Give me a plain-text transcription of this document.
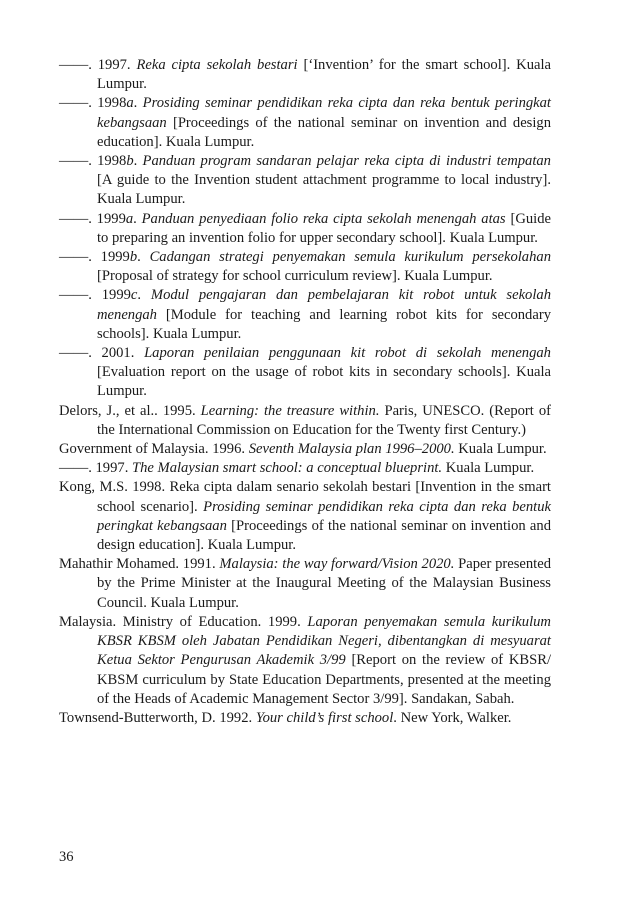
——. 1997. Reka cipta sekolah bestari [‘Invention’ for the smart school]. Kuala Lumpur.

——. 1998a. Prosiding seminar pendidikan reka cipta dan reka bentuk peringkat kebangsaan [Proceedings of the national seminar on invention and design education]. Kuala Lumpur.

——. 1998b. Panduan program sandaran pelajar reka cipta di industri tempatan [A guide to the Invention student attachment programme to local industry]. Kuala Lumpur.

——. 1999a. Panduan penyediaan folio reka cipta sekolah menengah atas [Guide to preparing an invention folio for upper secondary school]. Kuala Lumpur.

——. 1999b. Cadangan strategi penyemakan semula kurikulum persekolahan [Proposal of strategy for school curriculum review]. Kuala Lumpur.

——. 1999c. Modul pengajaran dan pembelajaran kit robot untuk sekolah menengah [Module for teaching and learning robot kits for secondary schools]. Kuala Lumpur.

——. 2001. Laporan penilaian penggunaan kit robot di sekolah menengah [Evaluation report on the usage of robot kits in secondary schools]. Kuala Lumpur.

Delors, J., et al.. 1995. Learning: the treasure within. Paris, UNESCO. (Report of the International Commission on Education for the Twenty first Century.)

Government of Malaysia. 1996. Seventh Malaysia plan 1996–2000. Kuala Lumpur.

——. 1997. The Malaysian smart school: a conceptual blueprint. Kuala Lumpur.

Kong, M.S. 1998. Reka cipta dalam senario sekolah bestari [Invention in the smart school scenario]. Prosiding seminar pendidikan reka cipta dan reka bentuk peringkat kebangsaan [Proceedings of the national seminar on invention and design education]. Kuala Lumpur.

Mahathir Mohamed. 1991. Malaysia: the way forward/Vision 2020. Paper presented by the Prime Minister at the Inaugural Meeting of the Malaysian Business Council. Kuala Lumpur.

Malaysia. Ministry of Education. 1999. Laporan penyemakan semula kurikulum KBSR KBSM oleh Jabatan Pendidikan Negeri, dibentangkan di mesyuarat Ketua Sektor Pengurusan Akademik 3/99 [Report on the review of KBSR/ KBSM curriculum by State Education Departments, presented at the meeting of the Heads of Academic Management Sector 3/99]. Sandakan, Sabah.

Townsend-Butterworth, D. 1992. Your child’s first school. New York, Walker.

36
